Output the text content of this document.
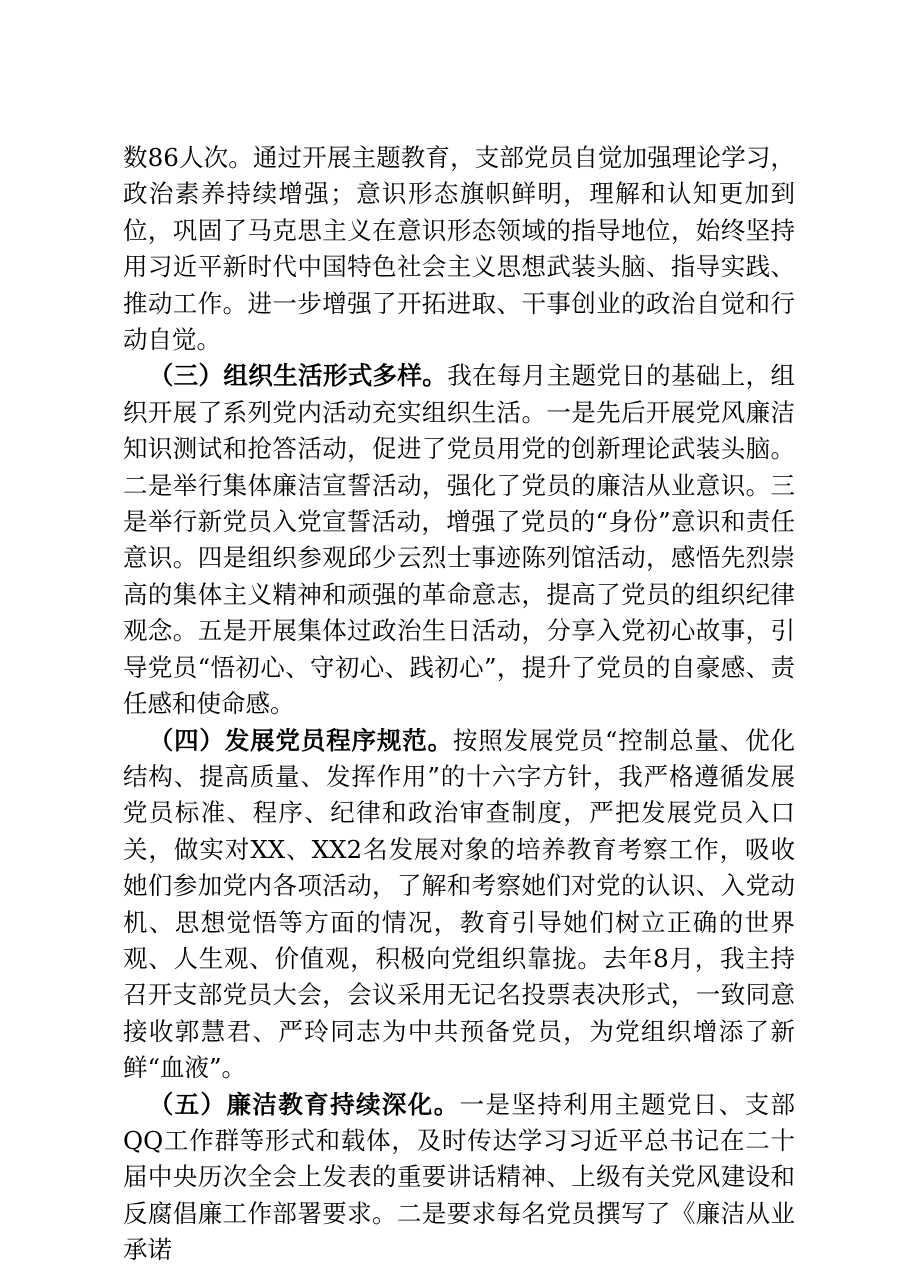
数86人次。通过开展主题教育，支部党员自觉加强理论学习，政治素养持续增强；意识形态旗帜鲜明，理解和认知更加到位，巩固了马克思主义在意识形态领域的指导地位，始终坚持用习近平新时代中国特色社会主义思想武装头脑、指导实践、推动工作。进一步增强了开拓进取、干事创业的政治自觉和行动自觉。

（三）组织生活形式多样。我在每月主题党日的基础上，组织开展了系列党内活动充实组织生活。一是先后开展党风廉洁知识测试和抢答活动，促进了党员用党的创新理论武装头脑。二是举行集体廉洁宣誓活动，强化了党员的廉洁从业意识。三是举行新党员入党宣誓活动，增强了党员的“身份”意识和责任意识。四是组织参观邱少云烈士事迹陈列馆活动，感悟先烈崇高的集体主义精神和顽强的革命意志，提高了党员的组织纪律观念。五是开展集体过政治生日活动，分享入党初心故事，引导党员“悟初心、守初心、践初心”，提升了党员的自豪感、责任感和使命感。

（四）发展党员程序规范。按照发展党员“控制总量、优化结构、提高质量、发挥作用”的十六字方针，我严格遵循发展党员标准、程序、纪律和政治审查制度，严把发展党员入口关，做实对XX、XX2名发展对象的培养教育考察工作，吸收她们参加党内各项活动，了解和考察她们对党的认识、入党动机、思想觉悟等方面的情况，教育引导她们树立正确的世界观、人生观、价值观，积极向党组织靠拢。去年8月，我主持召开支部党员大会，会议采用无记名投票表决形式，一致同意接收郭慧君、严玲同志为中共预备党员，为党组织增添了新鲜“血液”。

（五）廉洁教育持续深化。一是坚持利用主题党日、支部QQ工作群等形式和载体，及时传达学习习近平总书记在二十届中央历次全会上发表的重要讲话精神、上级有关党风建设和反腐倡廉工作部署要求。二是要求每名党员撰写了《廉洁从业承诺
